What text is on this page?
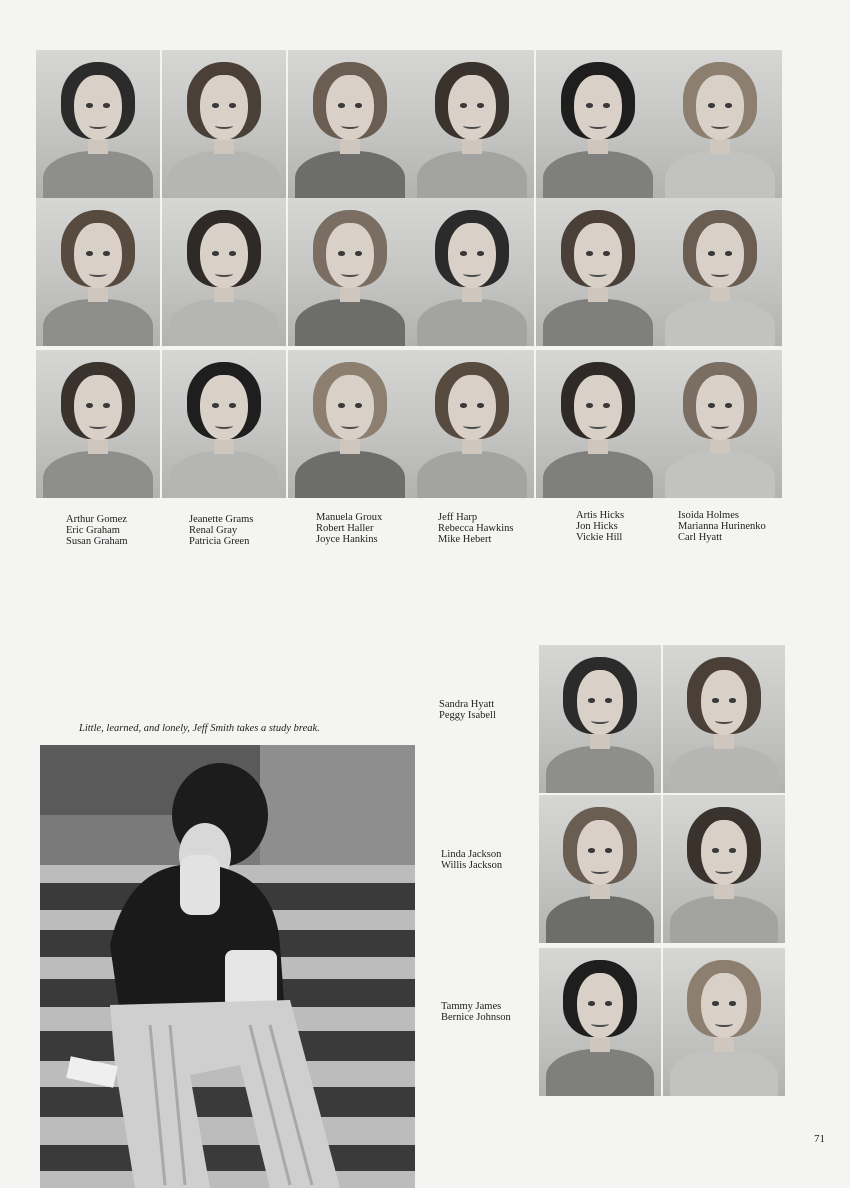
Arthur Gomez
Eric Graham
Susan Graham
Jeanette Grams
Renal Gray
Patricia Green
Manuela Groux
Robert Haller
Joyce Hankins
Jeff Harp
Rebecca Hawkins
Mike Hebert
Artis Hicks
Jon Hicks
Vickie Hill
Isoida Holmes
Marianna Hurinenko
Carl Hyatt
Little, learned, and lonely, Jeff Smith takes a study break.
Sandra Hyatt
Peggy Isabell
Linda Jackson
Willis Jackson
Tammy James
Bernice Johnson
71
